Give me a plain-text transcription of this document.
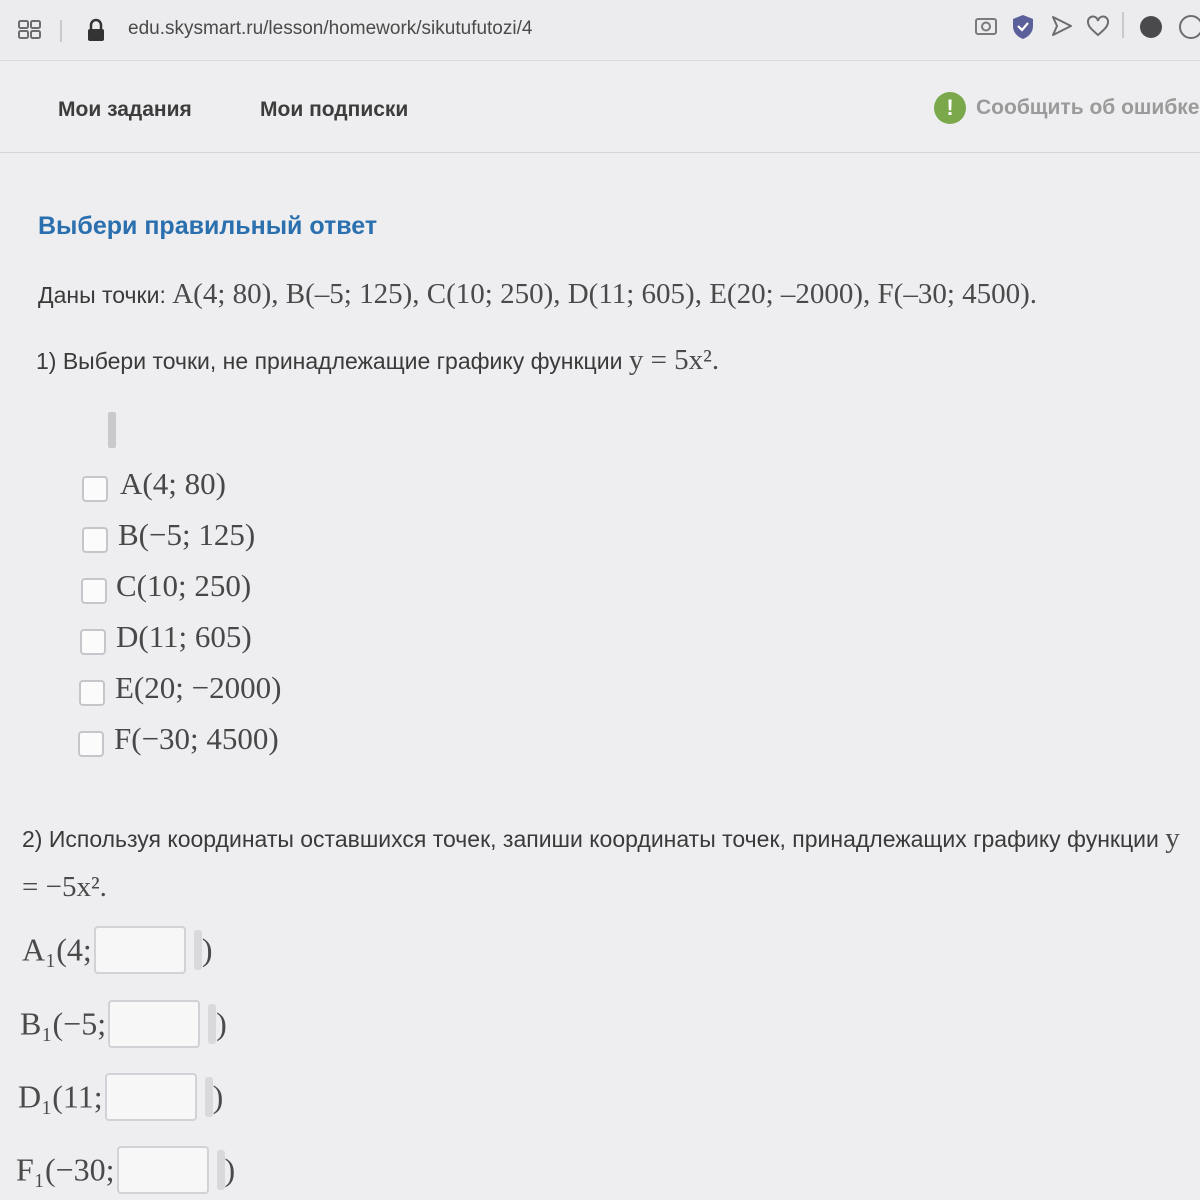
edu.skysmart.ru/lesson/homework/sikutufutozi/4
Мои задания	Мои подписки
!	Сообщить об ошибке
Выбери правильный ответ
Даны точки: A(4; 80), B(–5; 125), C(10; 250), D(11; 605), E(20; –2000), F(–30; 4500).
1) Выбери точки, не принадлежащие графику функции y = 5x².
A(4; 80)
B(−5; 125)
C(10; 250)
D(11; 605)
E(20; −2000)
F(−30; 4500)
2) Используя координаты оставшихся точек, запиши координаты точек, принадлежащих графику функции y = −5x².
A₁(4;	)
B₁(−5;	)
D₁(11;	)
F₁(−30;	)
